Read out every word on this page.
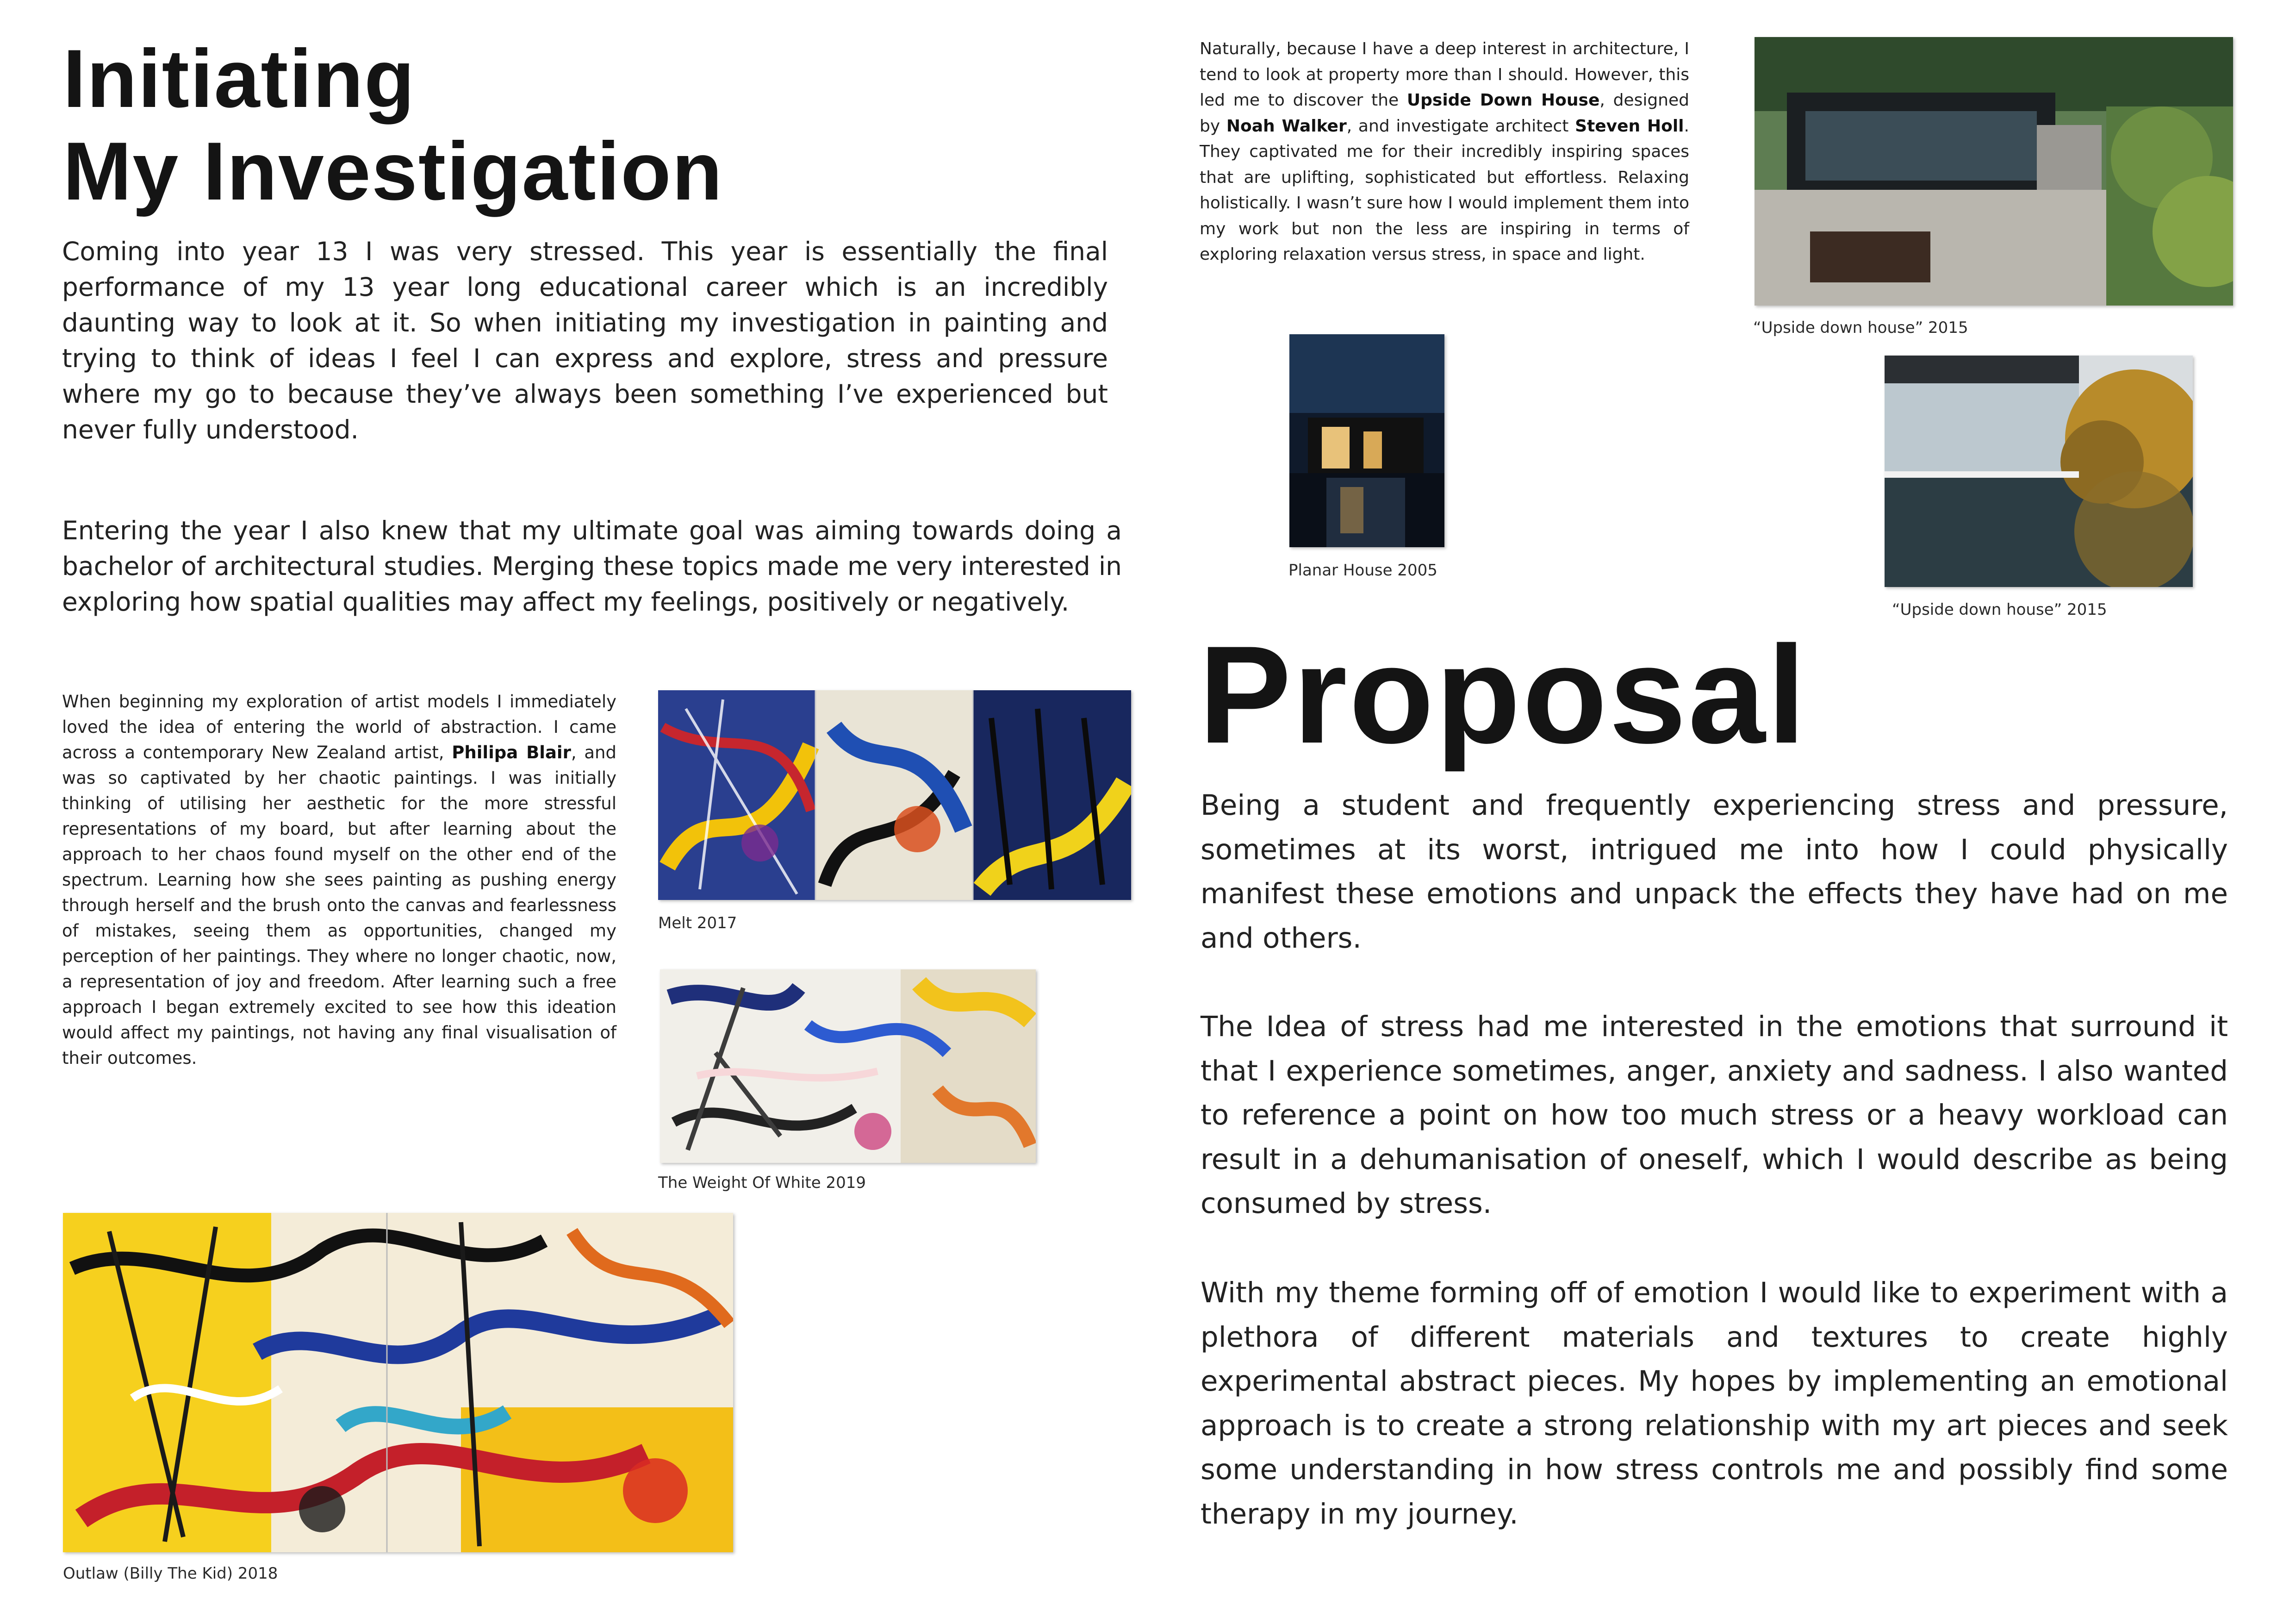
Initiating
My Investigation

Coming into year 13 I was very stressed. This year is essentially the final performance of my 13 year long educational career which is an incredibly daunting way to look at it. So when initiating my investigation in painting and trying to think of ideas I feel I can express and explore, stress and pressure where my go to because they’ve always been something I’ve experienced but never fully understood.

Entering the year I also knew that my ultimate goal was aiming towards doing a bachelor of architectural studies. Merging these topics made me very interested in exploring how spatial qualities may affect my feelings, positively or negatively.

When beginning my exploration of artist models I immediately loved the idea of entering the world of abstraction. I came across a contemporary New Zealand artist, Philipa Blair, and was so captivated by her chaotic paintings. I was initially thinking of utilising her aesthetic for the more stressful representations of my board, but after learning about the approach to her chaos found myself on the other end of the spectrum. Learning how she sees painting as pushing energy through herself and the brush onto the canvas and fearlessness of mistakes, seeing them as opportunities, changed my perception of her paintings. They where no longer chaotic, now, a representation of joy and freedom. After learning such a free approach I began extremely excited to see how this ideation would affect my paintings, not having any final visualisation of their outcomes.

Melt 2017
The Weight Of White 2019
Outlaw (Billy The Kid) 2018

Naturally, because I have a deep interest in architecture, I tend to look at property more than I should. However, this led me to discover the Upside Down House, designed by Noah Walker, and investigate architect Steven Holl. They captivated me for their incredibly inspiring spaces that are uplifting, sophisticated but effortless. Relaxing holistically. I wasn’t sure how I would implement them into my work but non the less are inspiring in terms of exploring relaxation versus stress, in space and light.

“Upside down house” 2015
Planar House 2005
“Upside down house” 2015
Proposal

Being a student and frequently experiencing stress and pressure, sometimes at its worst, intrigued me into how I could physically manifest these emotions and unpack the effects they have had on me and others.

The Idea of stress had me interested in the emotions that surround it that I experience sometimes, anger, anxiety and sadness. I also wanted to reference a point on how too much stress or a heavy workload can result in a dehumanisation of oneself, which I would describe as being consumed by stress.

With my theme forming off of emotion I would like to experiment with a plethora of different materials and textures to create highly experimental abstract pieces. My hopes by implementing an emotional approach is to create a strong relationship with my art pieces and seek some understanding in how stress controls me and possibly find some therapy in my journey.
